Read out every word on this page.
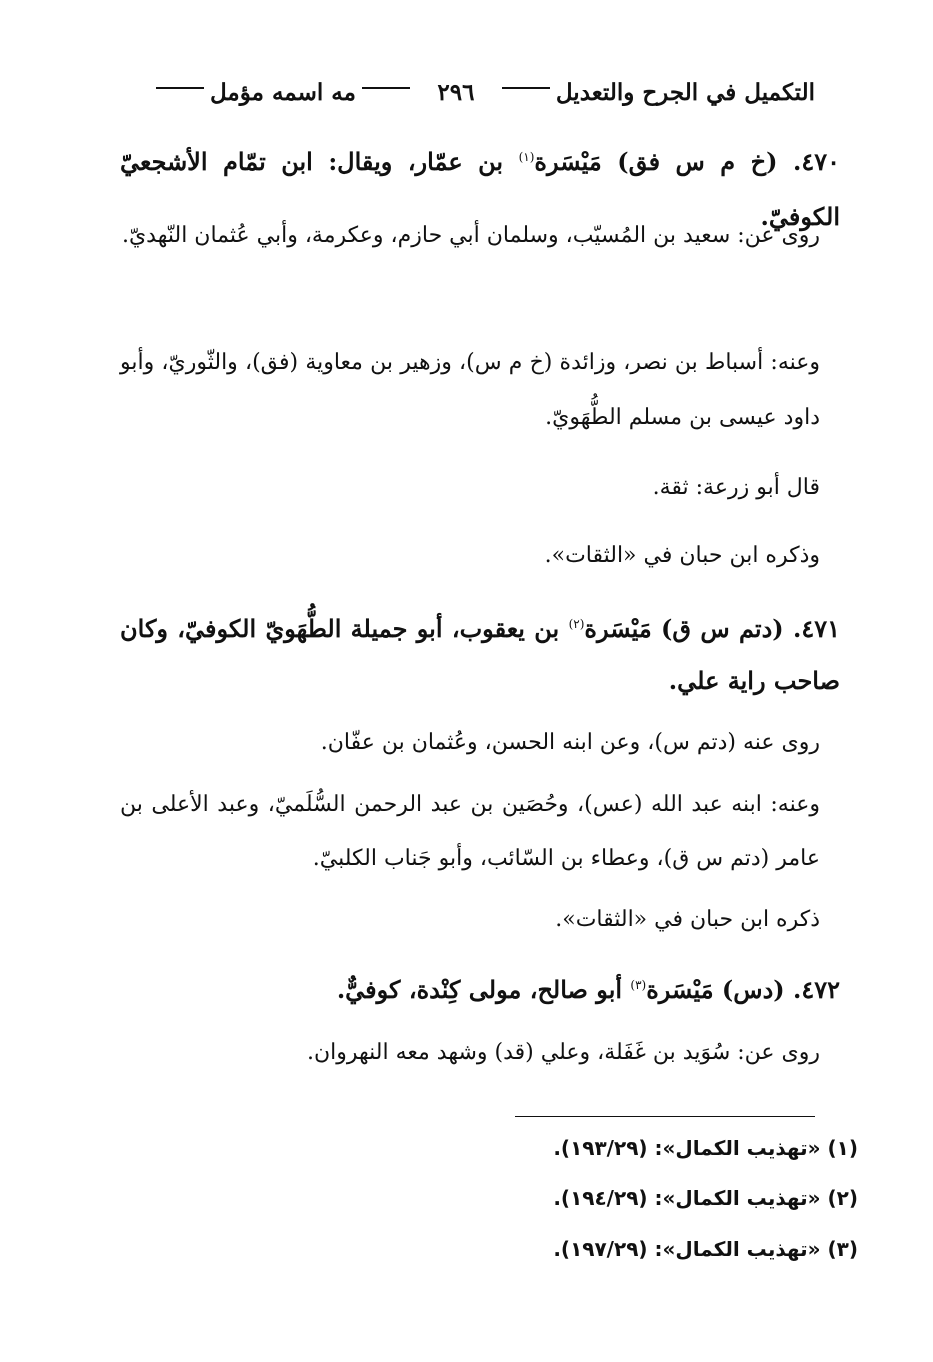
التكميل في الجرح والتعديل
٢٩٦
مه اسمه مؤمل

٤٧٠. (خ م س فق) مَيْسَرة$^{(١)}$ بن عمّار، ويقال: ابن تمّام الأشجعيّ الكوفيّ.

روى عن: سعيد بن المُسيّب، وسلمان أبي حازم، وعكرمة، وأبي عُثمان النّهديّ.

وعنه: أسباط بن نصر، وزائدة (خ م س)، وزهير بن معاوية (فق)، والثّوريّ، وأبو داود عيسى بن مسلم الطُّهَويّ.

قال أبو زرعة: ثقة.

وذكره ابن حبان في «الثقات».

٤٧١. (دتم س ق) مَيْسَرة$^{(٢)}$ بن يعقوب، أبو جميلة الطُّهَويّ الكوفيّ، وكان صاحب راية علي.

روى عنه (دتم س)، وعن ابنه الحسن، وعُثمان بن عفّان.

وعنه: ابنه عبد الله (عس)، وحُصَين بن عبد الرحمن السُّلَميّ، وعبد الأعلى بن عامر (دتم س ق)، وعطاء بن السّائب، وأبو جَناب الكلبيّ.

ذكره ابن حبان في «الثقات».

٤٧٢. (دس) مَيْسَرة$^{(٣)}$ أبو صالح، مولى كِنْدة، كوفيٌّ.

روى عن: سُوَيد بن غَفَلة، وعلي (قد) وشهد معه النهروان.

(١) «تهذيب الكمال»: (١٩٣/٢٩).
(٢) «تهذيب الكمال»: (١٩٤/٢٩).
(٣) «تهذيب الكمال»: (١٩٧/٢٩).
